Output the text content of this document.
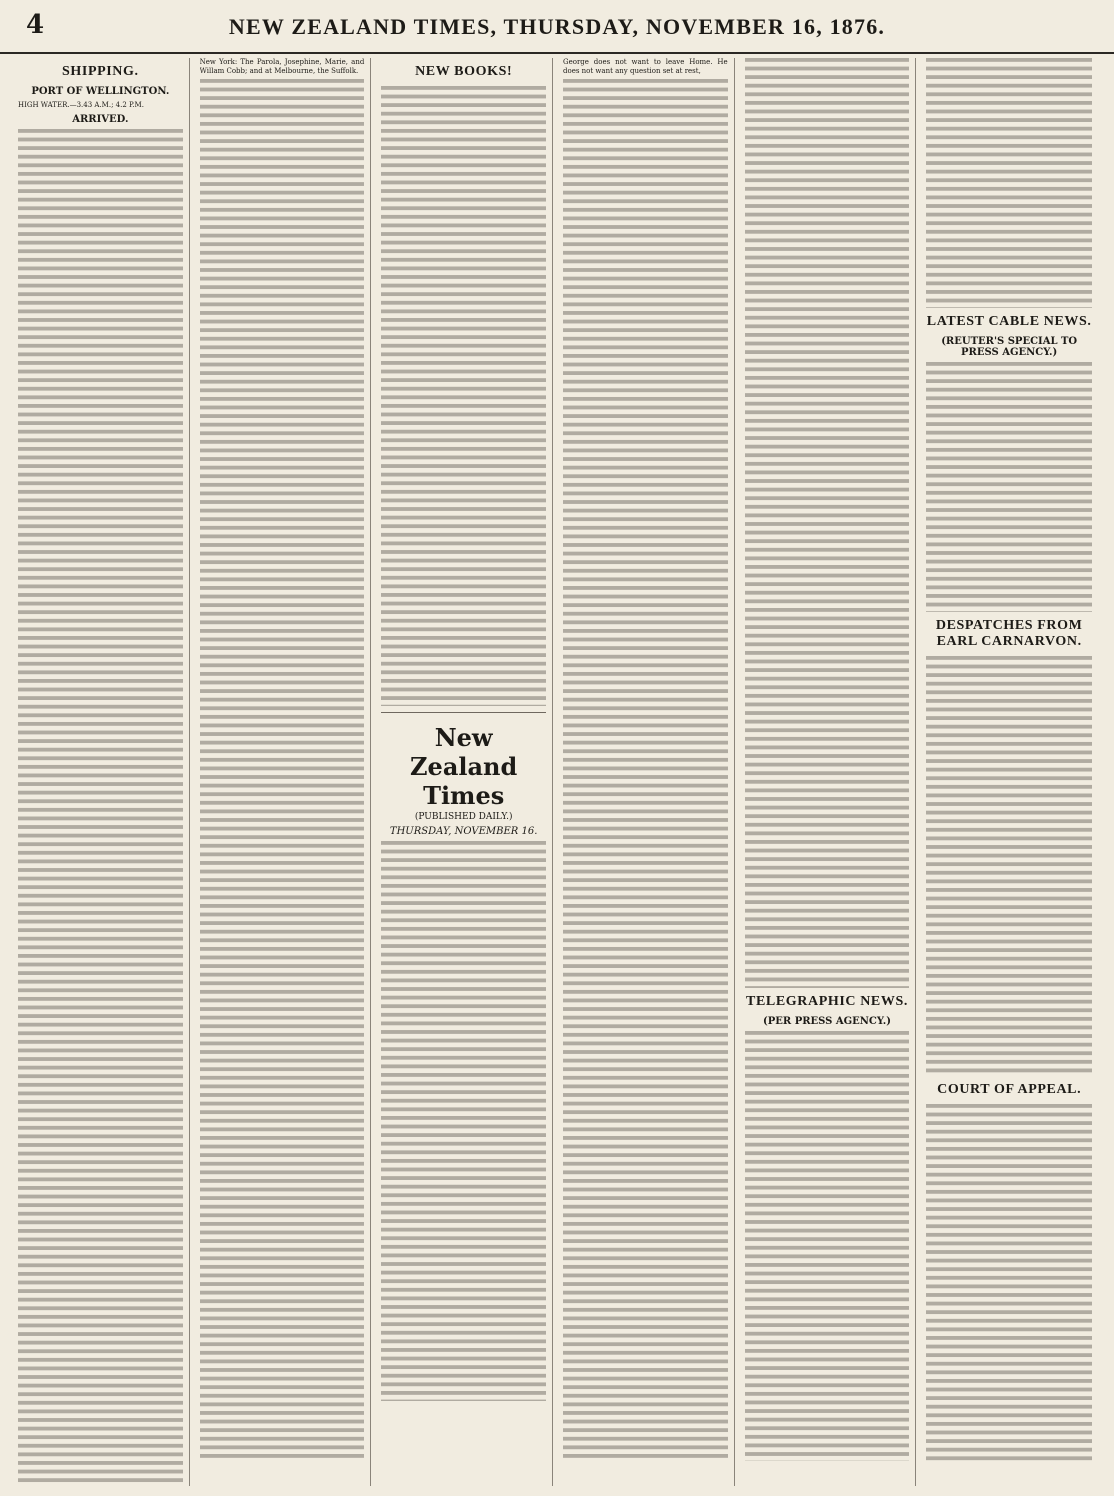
4	NEW ZEALAND TIMES, THURSDAY, NOVEMBER 16, 1876.
SHIPPING.
PORT OF WELLINGTON.
HIGH WATER.—3.43 A.M.; 4.2 P.M.
ARRIVED.
New York: The Parola, Josephine, Marie, and Willam Cobb; and at Melbourne, the Suffolk.	NEW BOOKS!
New Zealand Times
(PUBLISHED DAILY.)
THURSDAY, NOVEMBER 16.
George does not want to leave Home. He does not want any question set at rest,
TELEGRAPHIC NEWS.
(PER PRESS AGENCY.)
LATEST CABLE NEWS.
(REUTER'S SPECIAL TO PRESS AGENCY.)
DESPATCHES FROM EARL CARNARVON.
COURT OF APPEAL.
